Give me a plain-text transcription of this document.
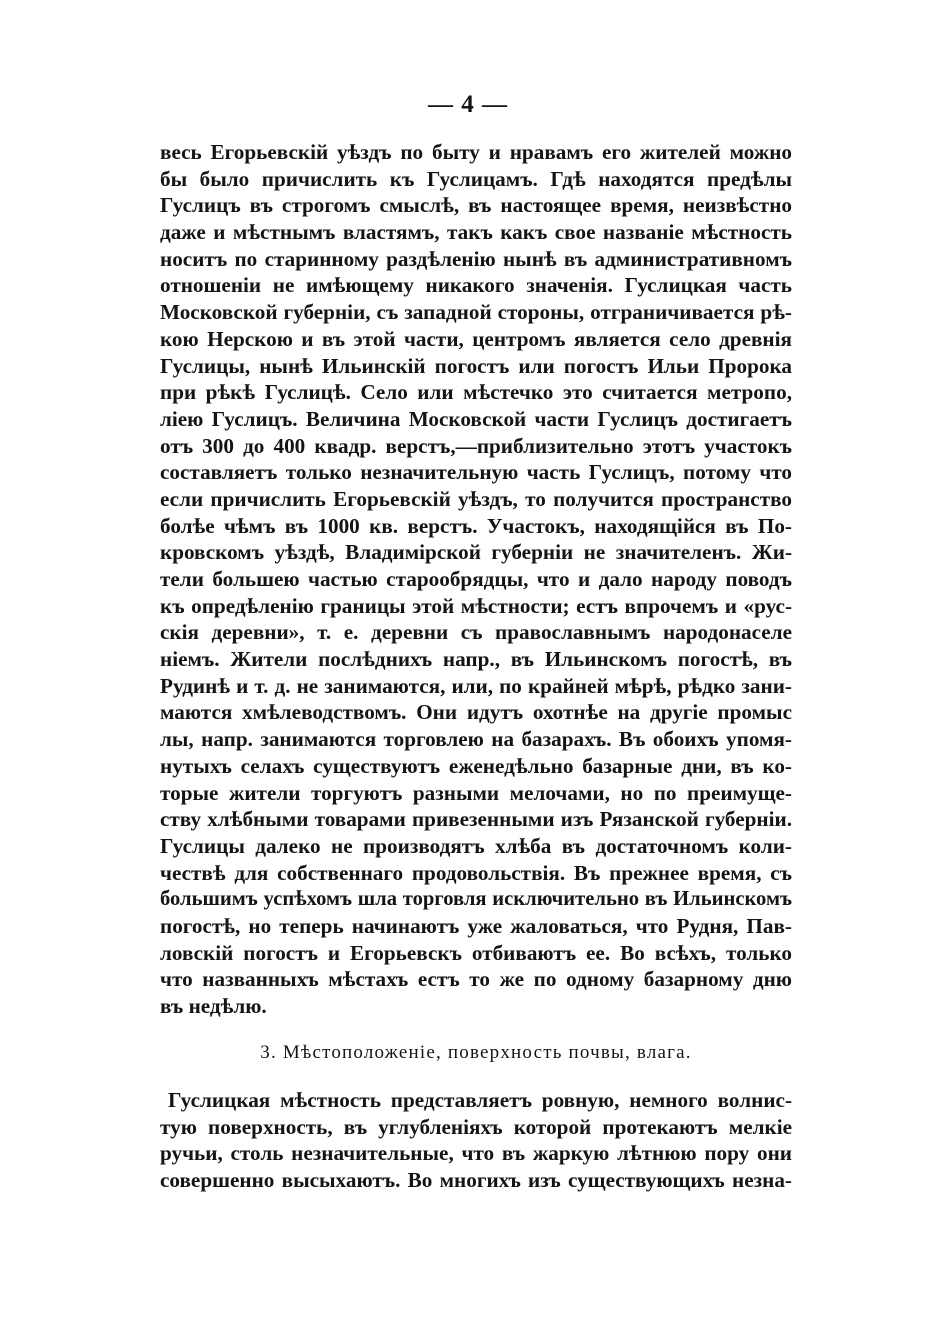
— 4 —
весь Егорьевскій уѣздъ по быту и нравамъ его жителей можно
бы было причислить къ Гуслицамъ. Гдѣ находятся предѣлы
Гуслицъ въ строгомъ смыслѣ, въ настоящее время, неизвѣстно
даже и мѣстнымъ властямъ, такъ какъ свое названіе мѣстность
носитъ по старинному раздѣленію нынѣ въ административномъ
отношеніи не имѣющему никакого значенія. Гуслицкая часть
Московской губерніи, съ западной стороны, отграничивается рѣ-
кою Нерскою и въ этой части, центромъ является село древнія
Гуслицы, нынѣ Ильинскій погостъ или погостъ Ильи Пророка
при рѣкѣ Гуслицѣ. Село или мѣстечко это считается метропо,
ліею Гуслицъ. Величина Московской части Гуслицъ достигаетъ
отъ 300 до 400 квадр. верстъ,—приблизительно этотъ участокъ
составляетъ только незначительную часть Гуслицъ, потому что
если причислить Егорьевскій уѣздъ, то получится пространство
болѣе чѣмъ въ 1000 кв. верстъ. Участокъ, находящійся въ По-
кровскомъ уѣздѣ, Владимірской губерніи не значителенъ. Жи-
тели большею частью старообрядцы, что и дало народу поводъ
къ опредѣленію границы этой мѣстности; естъ впрочемъ и «рус-
скія деревни», т. е. деревни съ православнымъ народонаселе
ніемъ. Жители послѣднихъ напр., въ Ильинскомъ погостѣ, въ
Рудинѣ и т. д. не занимаются, или, по крайней мѣрѣ, рѣдко зани-
маются хмѣлеводствомъ. Они идутъ охотнѣе на другіе промыс
лы, напр. занимаются торговлею на базарахъ. Въ обоихъ упомя-
нутыхъ селахъ существуютъ еженедѣльно базарные дни, въ ко-
торые жители торгуютъ разными мелочами, но по преимуще-
ству хлѣбными товарами привезенными изъ Рязанской губерніи.
Гуслицы далеко не производятъ хлѣба въ достаточномъ коли-
чествѣ для собственнаго продовольствія. Въ прежнее время, съ
большимъ успѣхомъ шла торговля исключительно въ Ильинскомъ
погостѣ, но теперь начинаютъ уже жаловаться, что Рудня, Пав-
ловскій погостъ и Егорьевскъ отбиваютъ ее. Во всѣхъ, только
что названныхъ мѣстахъ естъ то же по одному базарному дню
въ недѣлю.
3. Мѣстоположеніе, поверхность почвы, влага.
Гуслицкая мѣстность представляетъ ровную, немного волнис-
тую поверхность, въ углубленіяхъ которой протекаютъ мелкіе
ручьи, столь незначительные, что въ жаркую лѣтнюю пору они
совершенно высыхаютъ. Во многихъ изъ существующихъ незна-
